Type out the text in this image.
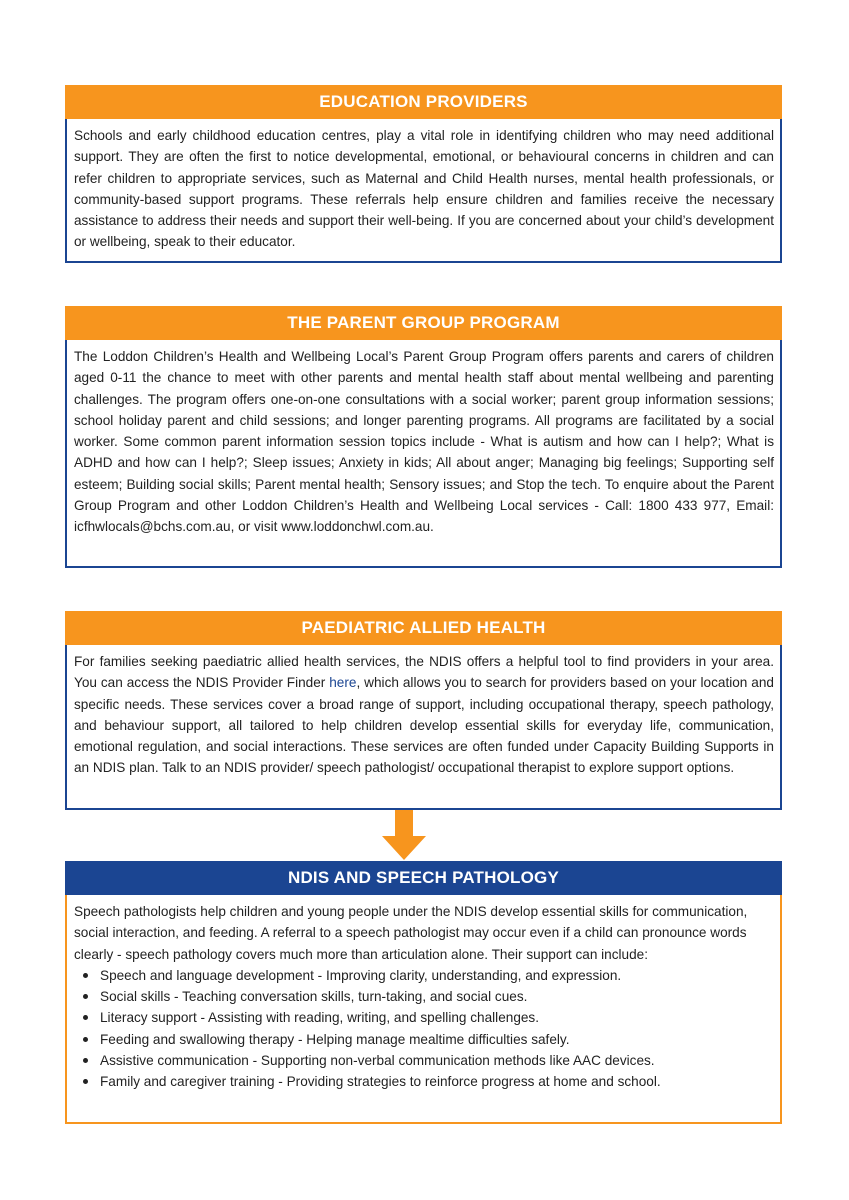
EDUCATION PROVIDERS
Schools and early childhood education centres, play a vital role in identifying children who may need additional support. They are often the first to notice developmental, emotional, or behavioural concerns in children and can refer children to appropriate services, such as Maternal and Child Health nurses, mental health professionals, or community-based support programs. These referrals help ensure children and families receive the necessary assistance to address their needs and support their well-being. If you are concerned about your child’s development or wellbeing, speak to their educator.
THE PARENT GROUP PROGRAM
The Loddon Children’s Health and Wellbeing Local’s Parent Group Program offers parents and carers of children aged 0-11 the chance to meet with other parents and mental health staff about mental wellbeing and parenting challenges. The program offers one-on-one consultations with a social worker; parent group information sessions; school holiday parent and child sessions; and longer parenting programs. All programs are facilitated by a social worker. Some common parent information session topics include - What is autism and how can I help?; What is ADHD and how can I help?; Sleep issues; Anxiety in kids; All about anger; Managing big feelings; Supporting self esteem; Building social skills; Parent mental health; Sensory issues; and Stop the tech. To enquire about the Parent Group Program and other Loddon Children’s Health and Wellbeing Local services - Call: 1800 433 977, Email: icfhwlocals@bchs.com.au, or visit www.loddonchwl.com.au.
PAEDIATRIC ALLIED HEALTH
For families seeking paediatric allied health services, the NDIS offers a helpful tool to find providers in your area. You can access the NDIS Provider Finder here, which allows you to search for providers based on your location and specific needs. These services cover a broad range of support, including occupational therapy, speech pathology, and behaviour support, all tailored to help children develop essential skills for everyday life, communication, emotional regulation, and social interactions. These services are often funded under Capacity Building Supports in an NDIS plan. Talk to an NDIS provider/ speech pathologist/ occupational therapist to explore support options.
NDIS AND SPEECH PATHOLOGY
Speech pathologists help children and young people under the NDIS develop essential skills for communication, social interaction, and feeding. A referral to a speech pathologist may occur even if a child can pronounce words clearly - speech pathology covers much more than articulation alone. Their support can include:
Speech and language development - Improving clarity, understanding, and expression.
Social skills - Teaching conversation skills, turn-taking, and social cues.
Literacy support - Assisting with reading, writing, and spelling challenges.
Feeding and swallowing therapy - Helping manage mealtime difficulties safely.
Assistive communication - Supporting non-verbal communication methods like AAC devices.
Family and caregiver training - Providing strategies to reinforce progress at home and school.
